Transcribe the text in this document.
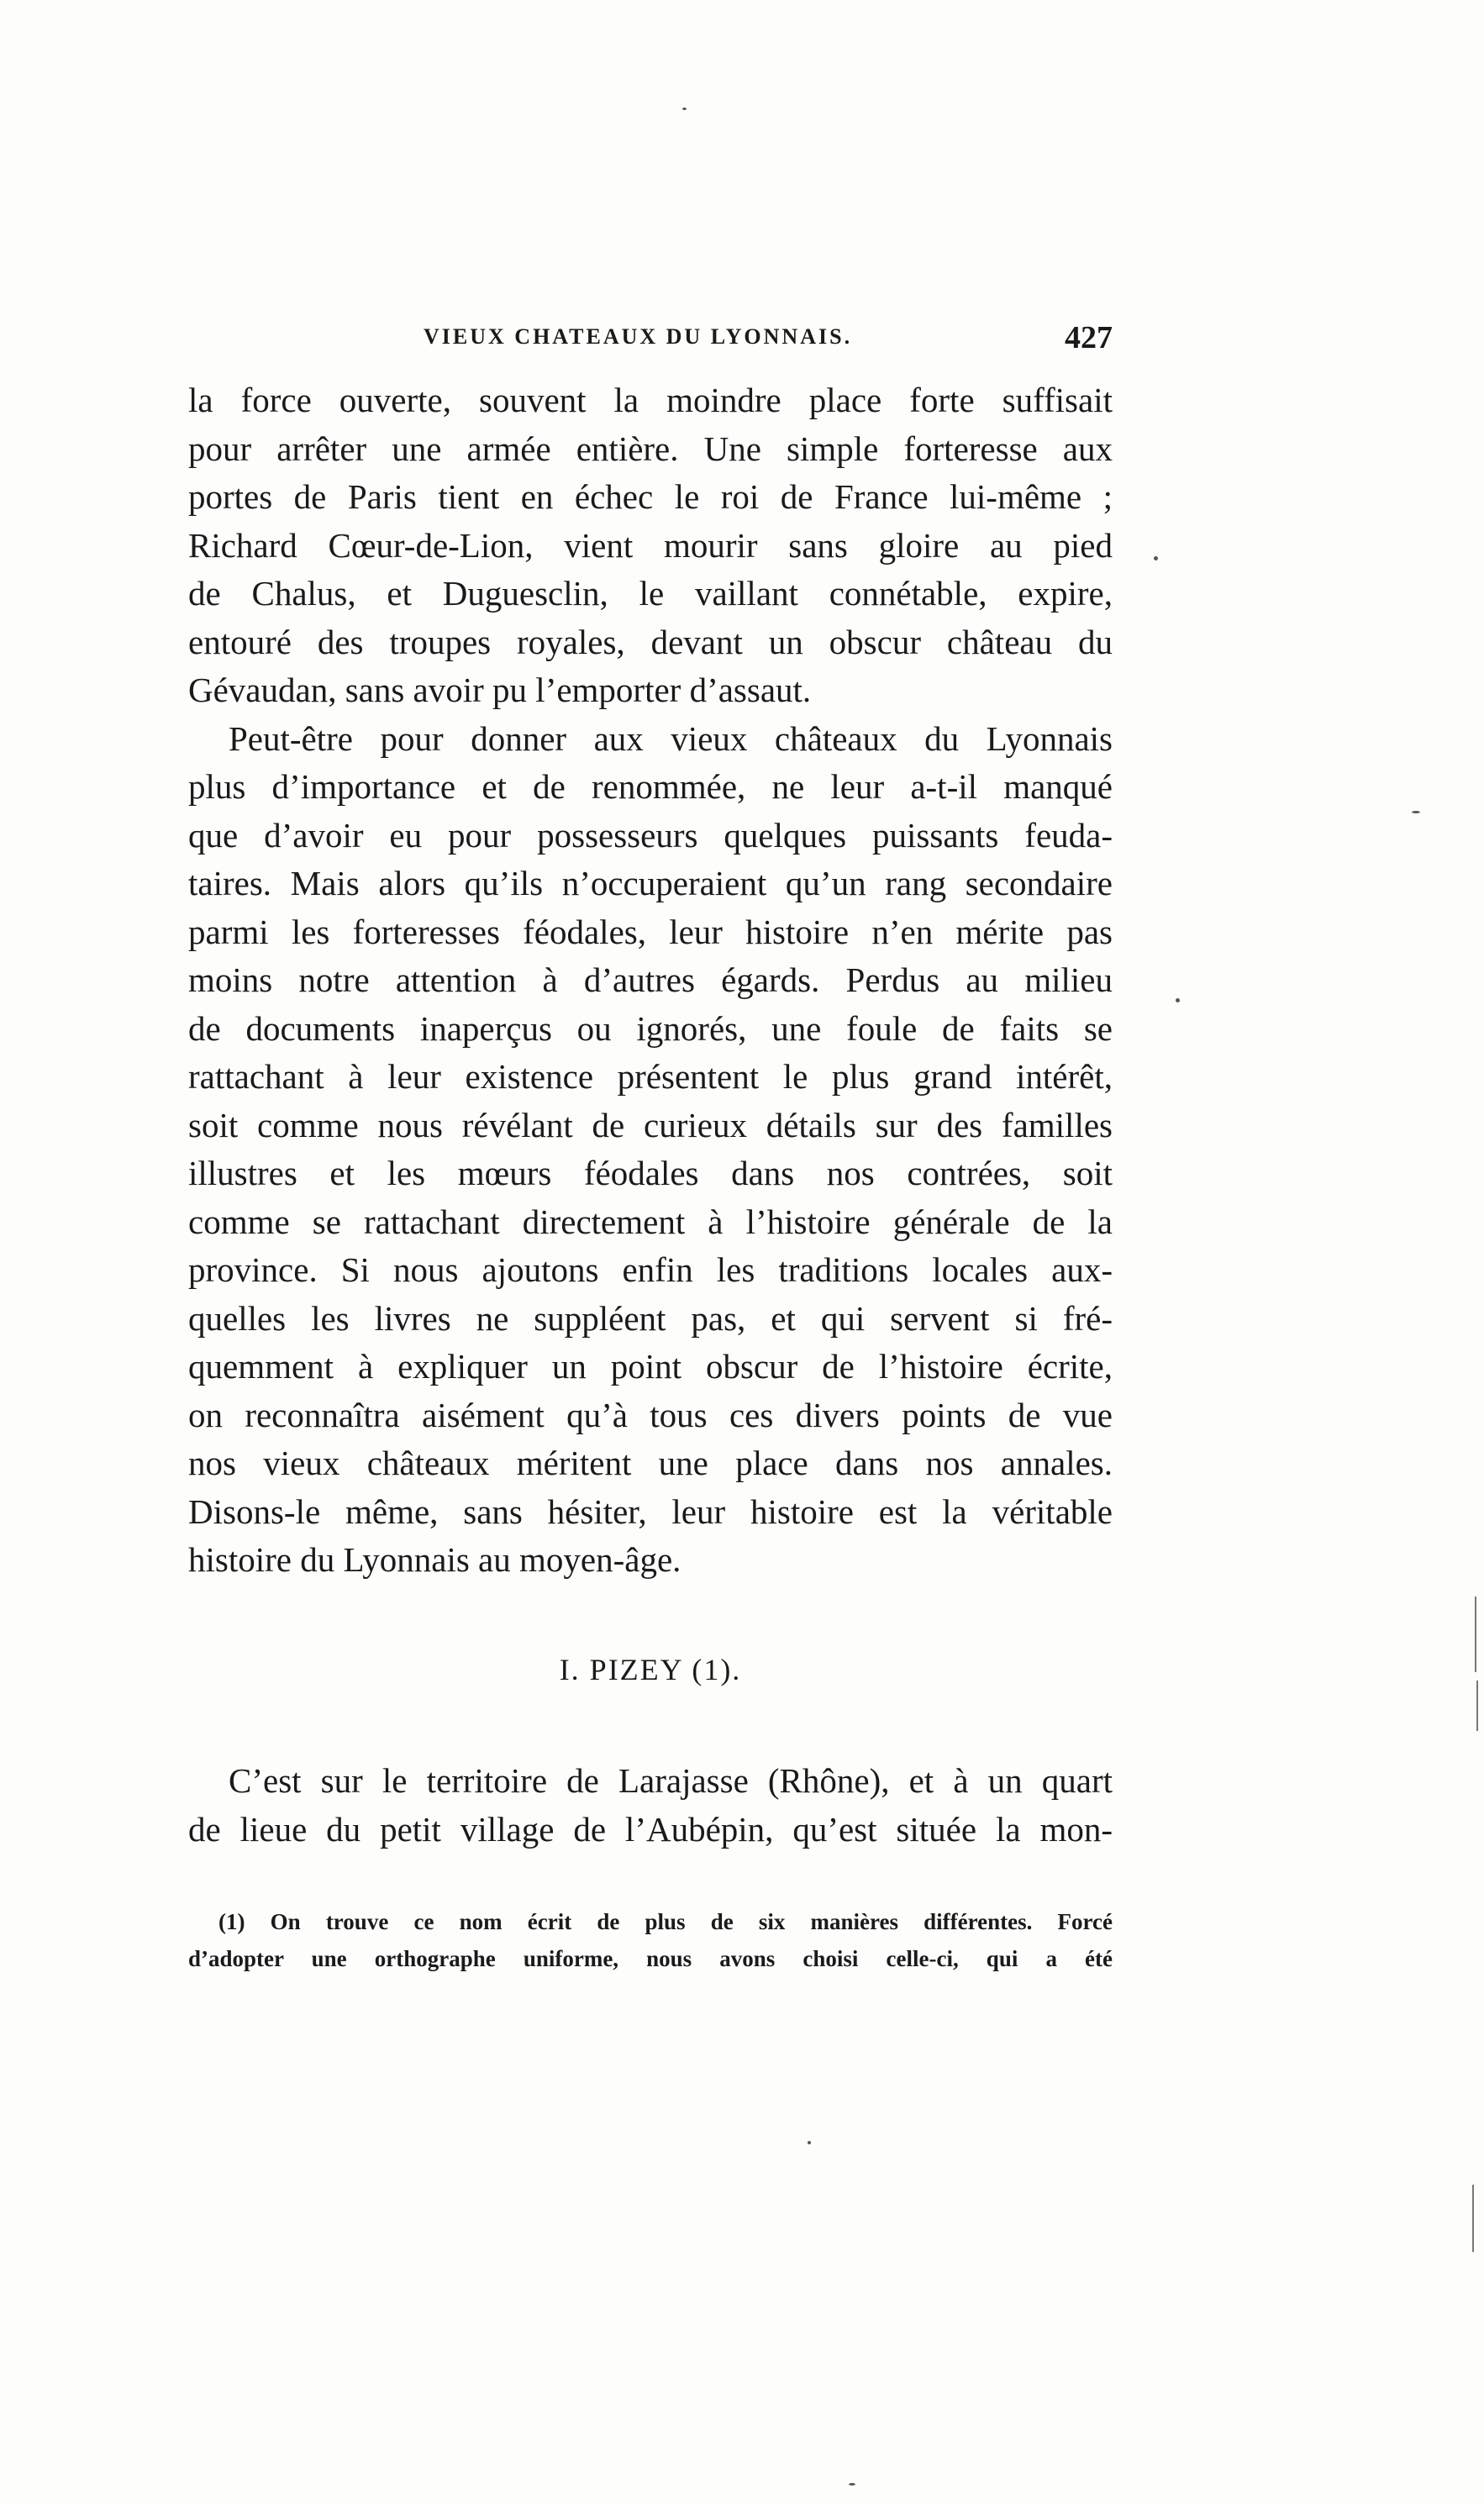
VIEUX CHATEAUX DU LYONNAIS.	427
la force ouverte, souvent la moindre place forte suffisait
pour arrêter une armée entière. Une simple forteresse aux
portes de Paris tient en échec le roi de France lui-même ;
Richard Cœur-de-Lion, vient mourir sans gloire au pied
de Chalus, et Duguesclin, le vaillant connétable, expire,
entouré des troupes royales, devant un obscur château du
Gévaudan, sans avoir pu l’emporter d’assaut.
Peut-être pour donner aux vieux châteaux du Lyonnais
plus d’importance et de renommée, ne leur a-t-il manqué
que d’avoir eu pour possesseurs quelques puissants feuda-
taires. Mais alors qu’ils n’occuperaient qu’un rang secondaire
parmi les forteresses féodales, leur histoire n’en mérite pas
moins notre attention à d’autres égards. Perdus au milieu
de documents inaperçus ou ignorés, une foule de faits se
rattachant à leur existence présentent le plus grand intérêt,
soit comme nous révélant de curieux détails sur des familles
illustres et les mœurs féodales dans nos contrées, soit
comme se rattachant directement à l’histoire générale de la
province. Si nous ajoutons enfin les traditions locales aux-
quelles les livres ne suppléent pas, et qui servent si fré-
quemment à expliquer un point obscur de l’histoire écrite,
on reconnaîtra aisément qu’à tous ces divers points de vue
nos vieux châteaux méritent une place dans nos annales.
Disons-le même, sans hésiter, leur histoire est la véritable
histoire du Lyonnais au moyen-âge.
I. PIZEY (1).
C’est sur le territoire de Larajasse (Rhône), et à un quart
de lieue du petit village de l’Aubépin, qu’est située la mon-
(1) On trouve ce nom écrit de plus de six manières différentes. Forcé
d’adopter une orthographe uniforme, nous avons choisi celle-ci, qui a été
